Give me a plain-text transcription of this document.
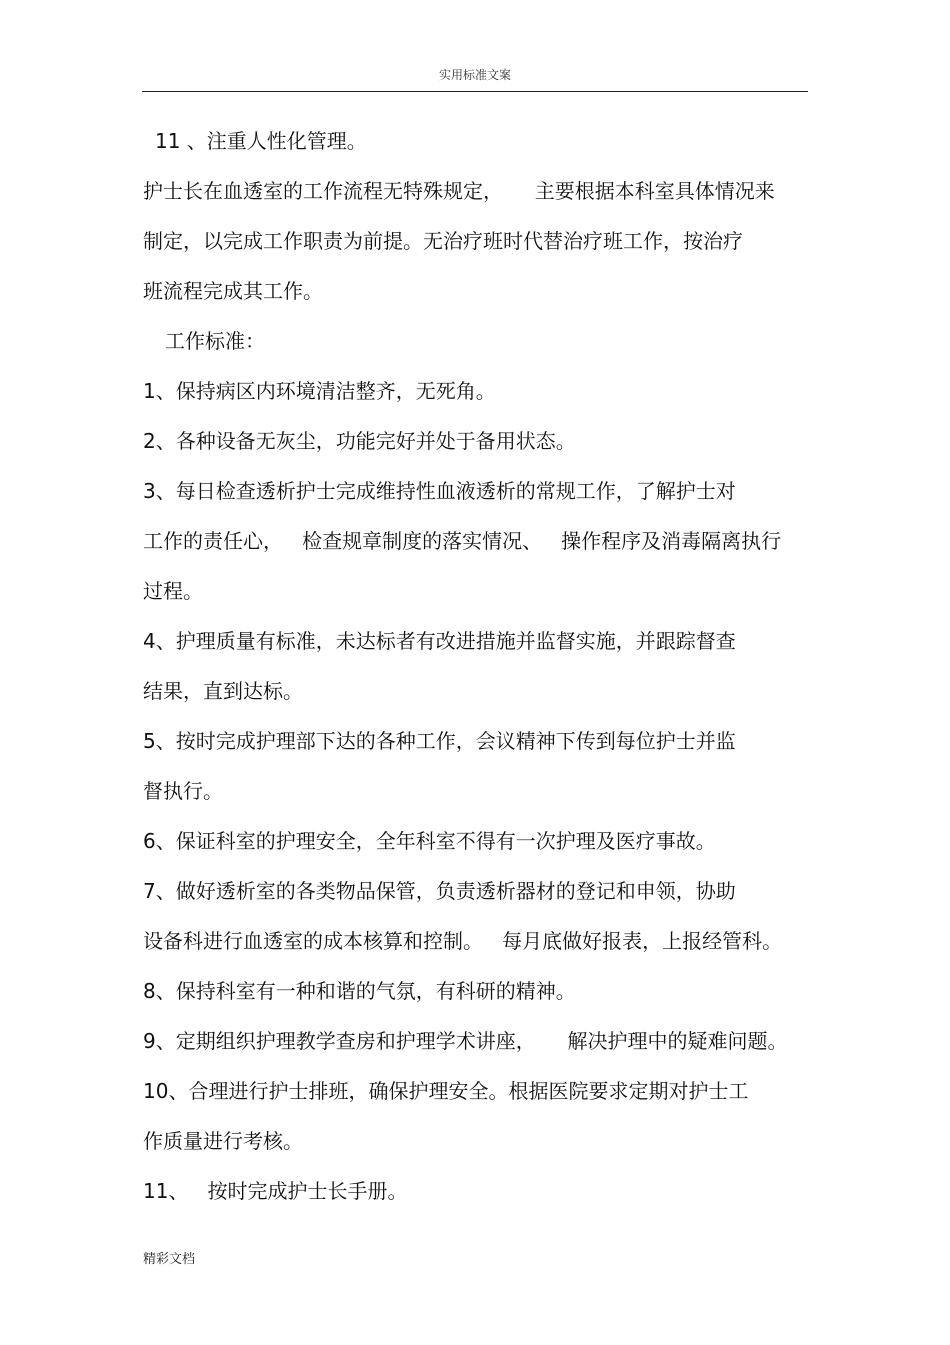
实用标准文案
11 、注重人性化管理。
护士长在血透室的工作流程无特殊规定，     主要根据本科室具体情况来
制定，以完成工作职责为前提。无治疗班时代替治疗班工作，按治疗
班流程完成其工作。
工作标准：
1、保持病区内环境清洁整齐，无死角。
2、各种设备无灰尘，功能完好并处于备用状态。
3、每日检查透析护士完成维持性血液透析的常规工作，了解护士对
工作的责任心，   检查规章制度的落实情况、   操作程序及消毒隔离执行
过程。
4、护理质量有标准，未达标者有改进措施并监督实施，并跟踪督查
结果，直到达标。
5、按时完成护理部下达的各种工作，会议精神下传到每位护士并监
督执行。
6、保证科室的护理安全，全年科室不得有一次护理及医疗事故。
7、做好透析室的各类物品保管，负责透析器材的登记和申领，协助
设备科进行血透室的成本核算和控制。   每月底做好报表，上报经管科。
8、保持科室有一种和谐的气氛，有科研的精神。
9、定期组织护理教学查房和护理学术讲座，     解决护理中的疑难问题。
10、合理进行护士排班，确保护理安全。根据医院要求定期对护士工
作质量进行考核。
11、   按时完成护士长手册。
精彩文档
